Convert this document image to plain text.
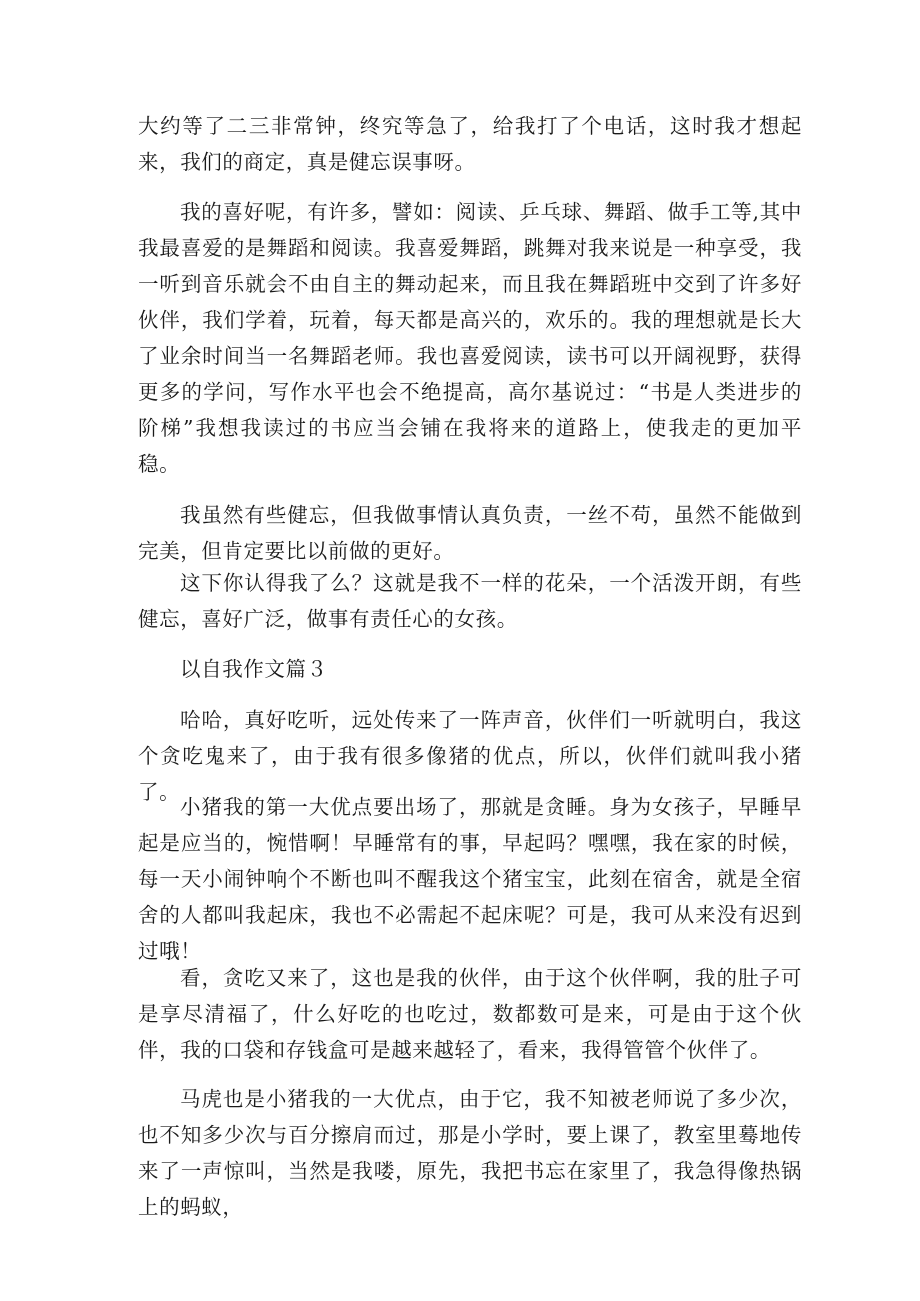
大约等了二三非常钟，终究等急了，给我打了个电话，这时我才想起来，我们的商定，真是健忘误事呀。

我的喜好呢，有许多，譬如：阅读、乒乓球、舞蹈、做手工等,其中我最喜爱的是舞蹈和阅读。我喜爱舞蹈，跳舞对我来说是一种享受，我一听到音乐就会不由自主的舞动起来，而且我在舞蹈班中交到了许多好伙伴，我们学着，玩着，每天都是高兴的，欢乐的。我的理想就是长大了业余时间当一名舞蹈老师。我也喜爱阅读，读书可以开阔视野，获得更多的学问，写作水平也会不绝提高，高尔基说过：“书是人类进步的阶梯”我想我读过的书应当会铺在我将来的道路上，使我走的更加平稳。

我虽然有些健忘，但我做事情认真负责，一丝不苟，虽然不能做到完美，但肯定要比以前做的更好。

这下你认得我了么？这就是我不一样的花朵，一个活泼开朗，有些健忘，喜好广泛，做事有责任心的女孩。

以自我作文篇３

哈哈，真好吃听，远处传来了一阵声音，伙伴们一听就明白，我这个贪吃鬼来了，由于我有很多像猪的优点，所以，伙伴们就叫我小猪了。

小猪我的第一大优点要出场了，那就是贪睡。身为女孩子，早睡早起是应当的，惋惜啊！早睡常有的事，早起吗？嘿嘿，我在家的时候，每一天小闹钟响个不断也叫不醒我这个猪宝宝，此刻在宿舍，就是全宿舍的人都叫我起床，我也不必需起不起床呢？可是，我可从来没有迟到过哦！

看，贪吃又来了，这也是我的伙伴，由于这个伙伴啊，我的肚子可是享尽清福了，什么好吃的也吃过，数都数可是来，可是由于这个伙伴，我的口袋和存钱盒可是越来越轻了，看来，我得管管个伙伴了。

马虎也是小猪我的一大优点，由于它，我不知被老师说了多少次，也不知多少次与百分擦肩而过，那是小学时，要上课了，教室里蓦地传来了一声惊叫，当然是我喽，原先，我把书忘在家里了，我急得像热锅上的蚂蚁，
